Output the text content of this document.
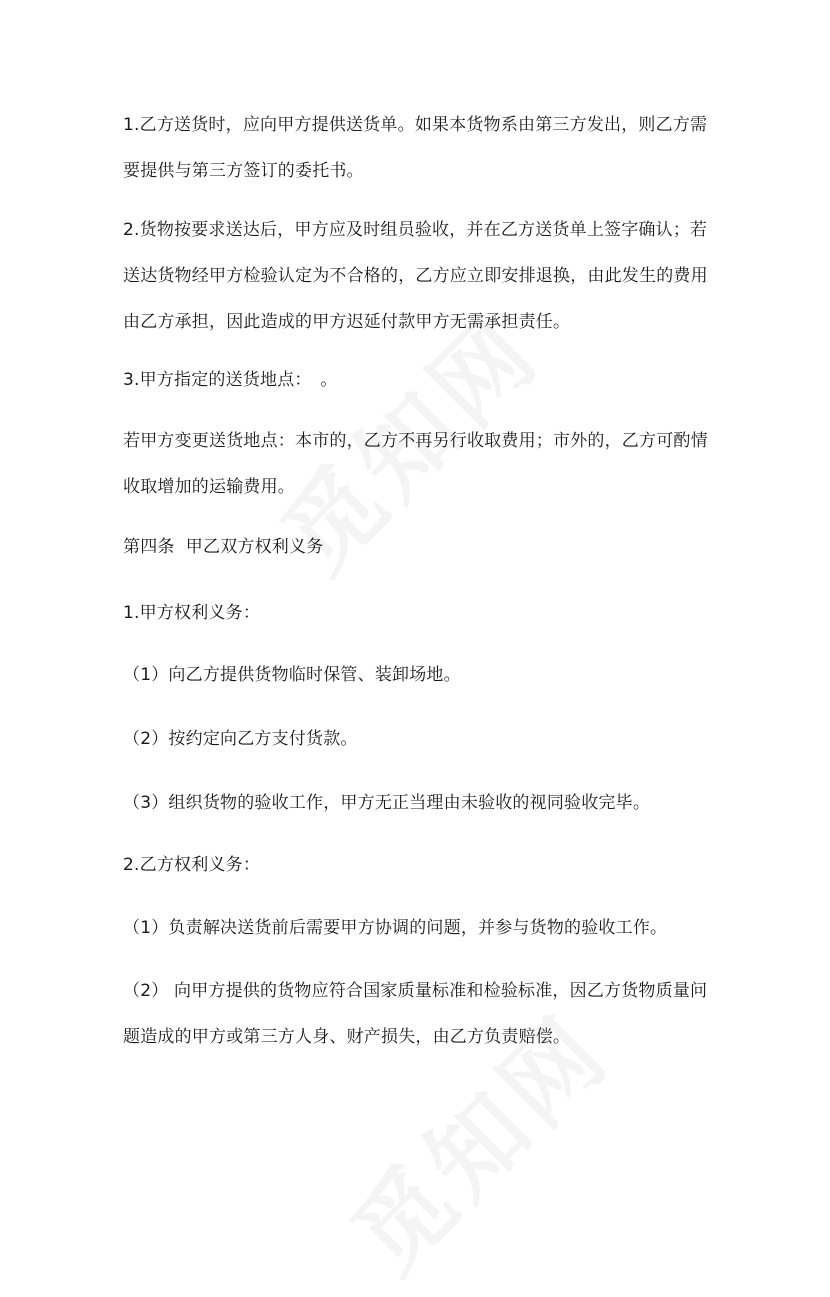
1.乙方送货时，应向甲方提供送货单。如果本货物系由第三方发出，则乙方需要提供与第三方签订的委托书。

2.货物按要求送达后，甲方应及时组员验收，并在乙方送货单上签字确认；若送达货物经甲方检验认定为不合格的，乙方应立即安排退换，由此发生的费用由乙方承担，因此造成的甲方迟延付款甲方无需承担责任。

3.甲方指定的送货地点：　。

若甲方变更送货地点：本市的，乙方不再另行收取费用；市外的，乙方可酌情收取增加的运输费用。

第四条  甲乙双方权利义务

1.甲方权利义务：

（1）向乙方提供货物临时保管、装卸场地。

（2）按约定向乙方支付货款。

（3）组织货物的验收工作，甲方无正当理由未验收的视同验收完毕。

2.乙方权利义务：

（1）负责解决送货前后需要甲方协调的问题，并参与货物的验收工作。

（2） 向甲方提供的货物应符合国家质量标准和检验标准，因乙方货物质量问题造成的甲方或第三方人身、财产损失，由乙方负责赔偿。
